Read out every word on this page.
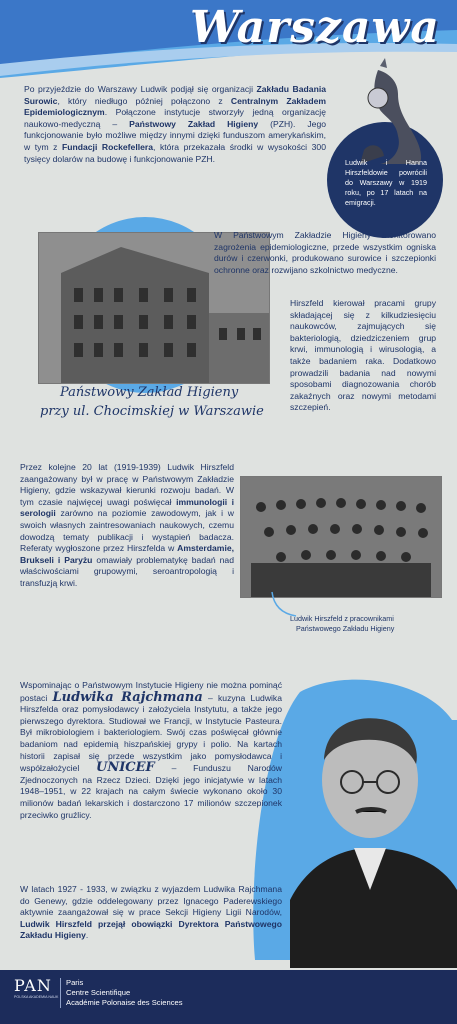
Warszawa

Po przyjeździe do Warszawy Ludwik podjął się organizacji Zakładu Badania Surowic, który niedługo później połączono z Centralnym Zakładem Epidemiologicznym. Połączone instytucje stworzyły jedną organizację naukowo-medyczną – Państwowy Zakład Higieny (PZH). Jego funkcjonowanie było możliwe między innymi dzięki funduszom amerykańskim, w tym z Fundacji Rockefellera, która przekazała środki w wysokości 300 tysięcy dolarów na budowę i funkcjonowanie PZH.	Ludwik i Hanna Hirszfeldowie powrócili do Warszawy w 1919 roku, po 17 latach na emigracji.

Państwowy Zakład Higieny
przy ul. Chocimskiej w Warszawie

W Państwowym Zakładzie Higieny monitorowano zagrożenia epidemiologiczne, przede wszystkim ogniska durów i czerwonki, produkowano surowice i szczepionki ochronne oraz rozwijano szkolnictwo medyczne.

Hirszfeld kierował pracami grupy składającej się z kilkudziesięciu naukowców, zajmujących się bakteriologią, dziedziczeniem grup krwi, immunologią i wirusologią, a także badaniem raka. Dodatkowo prowadzili badania nad nowymi sposobami diagnozowania chorób zakaźnych oraz nowymi metodami szczepień.

Przez kolejne 20 lat (1919-1939) Ludwik Hirszfeld zaangażowany był w pracę w Państwowym Zakładzie Higieny, gdzie wskazywał kierunki rozwoju badań. W tym czasie najwięcej uwagi poświęcał immunologii i serologii zarówno na poziomie zawodowym, jak i w swoich własnych zaintresowaniach naukowych, czemu dowodzą tematy publikacji i wystąpień badacza. Referaty wygłoszone przez Hirszfelda w Amsterdamie, Brukseli i Paryżu omawiały problematykę badań nad właściwościami grupowymi, seroantropologią i transfuzją krwi.

Ludwik Hirszfeld z pracownikami
Państwowego Zakładu Higieny

Wspominając o Państwowym Instytucie Higieny nie można pominąć postaci Ludwika Rajchmana – kuzyna Ludwika Hirszfelda oraz pomysłodawcy i założyciela Instytutu, a także jego pierwszego dyrektora. Studiował we Francji, w Instytucie Pasteura. Był mikrobiologiem i bakteriologiem. Swój czas poświęcał głównie badaniom nad epidemią hiszpańskiej grypy i polio. Na kartach historii zapisał się przede wszystkim jako pomysłodawca i współzałożyciel UNICEF – Funduszu Narodów Zjednoczonych na Rzecz Dzieci. Dzięki jego inicjatywie w latach 1948–1951, w 22 krajach na całym świecie wykonano około 30 milionów badań lekarskich i dostarczono 17 milionów szczepionek przeciwko gruźlicy.

W latach 1927 - 1933, w związku z wyjazdem Ludwika Rajchmana do Genewy, gdzie oddelegowany przez Ignacego Paderewskiego aktywnie zaangażował się w prace Sekcji Higieny Ligii Narodów, Ludwik Hirszfeld przejął obowiązki Dyrektora Państwowego Zakładu Higieny.

PAN
POLSKA AKADEMIA NAUK
Paris
Centre Scientifique
Académie Polonaise des Sciences
